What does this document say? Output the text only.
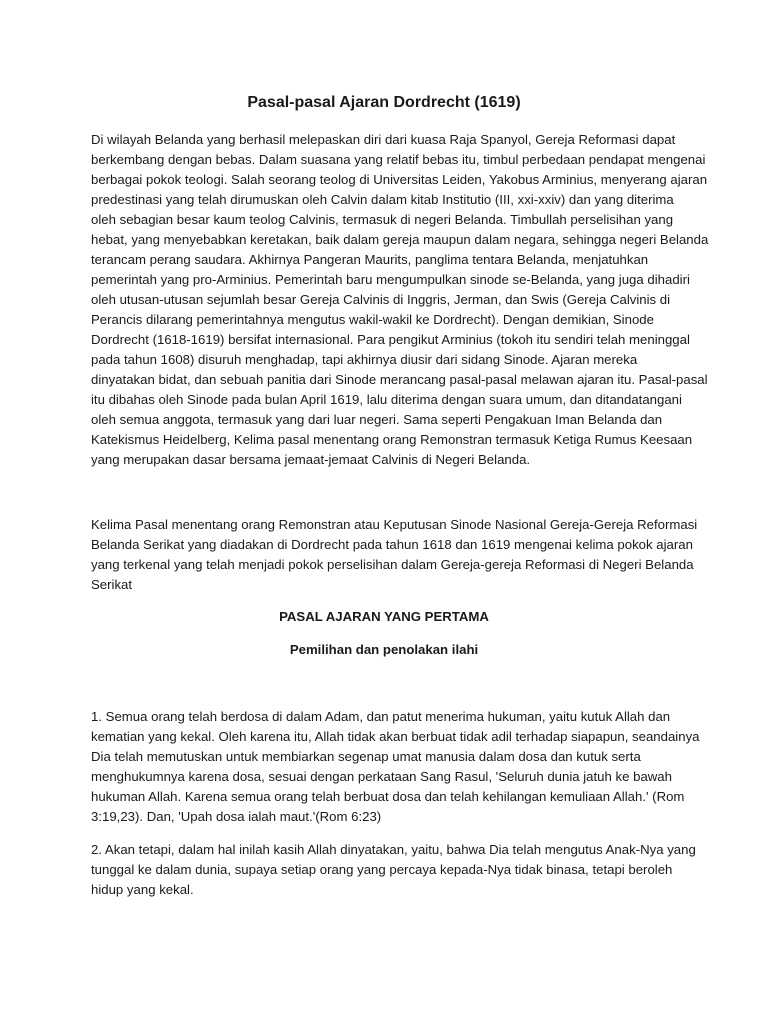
Pasal-pasal Ajaran Dordrecht (1619)

Di wilayah Belanda yang berhasil melepaskan diri dari kuasa Raja Spanyol, Gereja Reformasi dapat
berkembang dengan bebas. Dalam suasana yang relatif bebas itu, timbul perbedaan pendapat mengenai
berbagai pokok teologi. Salah seorang teolog di Universitas Leiden, Yakobus Arminius, menyerang ajaran
predestinasi yang telah dirumuskan oleh Calvin dalam kitab Institutio (III, xxi-xxiv) dan yang diterima
oleh sebagian besar kaum teolog Calvinis, termasuk di negeri Belanda. Timbullah perselisihan yang
hebat, yang menyebabkan keretakan, baik dalam gereja maupun dalam negara, sehingga negeri Belanda
terancam perang saudara. Akhirnya Pangeran Maurits, panglima tentara Belanda, menjatuhkan
pemerintah yang pro-Arminius. Pemerintah baru mengumpulkan sinode se-Belanda, yang juga dihadiri
oleh utusan-utusan sejumlah besar Gereja Calvinis di Inggris, Jerman, dan Swis (Gereja Calvinis di
Perancis dilarang pemerintahnya mengutus wakil-wakil ke Dordrecht). Dengan demikian, Sinode
Dordrecht (1618-1619) bersifat internasional. Para pengikut Arminius (tokoh itu sendiri telah meninggal
pada tahun 1608) disuruh menghadap, tapi akhirnya diusir dari sidang Sinode. Ajaran mereka
dinyatakan bidat, dan sebuah panitia dari Sinode merancang pasal-pasal melawan ajaran itu. Pasal-pasal
itu dibahas oleh Sinode pada bulan April 1619, lalu diterima dengan suara umum, dan ditandatangani
oleh semua anggota, termasuk yang dari luar negeri. Sama seperti Pengakuan Iman Belanda dan
Katekismus Heidelberg, Kelima pasal menentang orang Remonstran termasuk Ketiga Rumus Keesaan
yang merupakan dasar bersama jemaat-jemaat Calvinis di Negeri Belanda.

Kelima Pasal menentang orang Remonstran atau Keputusan Sinode Nasional Gereja-Gereja Reformasi
Belanda Serikat yang diadakan di Dordrecht pada tahun 1618 dan 1619 mengenai kelima pokok ajaran
yang terkenal yang telah menjadi pokok perselisihan dalam Gereja-gereja Reformasi di Negeri Belanda
Serikat

PASAL AJARAN YANG PERTAMA

Pemilihan dan penolakan ilahi

1. Semua orang telah berdosa di dalam Adam, dan patut menerima hukuman, yaitu kutuk Allah dan
kematian yang kekal. Oleh karena itu, Allah tidak akan berbuat tidak adil terhadap siapapun, seandainya
Dia telah memutuskan untuk membiarkan segenap umat manusia dalam dosa dan kutuk serta
menghukumnya karena dosa, sesuai dengan perkataan Sang Rasul, 'Seluruh dunia jatuh ke bawah
hukuman Allah. Karena semua orang telah berbuat dosa dan telah kehilangan kemuliaan Allah.' (Rom
3:19,23). Dan, 'Upah dosa ialah maut.'(Rom 6:23)

2. Akan tetapi, dalam hal inilah kasih Allah dinyatakan, yaitu, bahwa Dia telah mengutus Anak-Nya yang
tunggal ke dalam dunia, supaya setiap orang yang percaya kepada-Nya tidak binasa, tetapi beroleh
hidup yang kekal.
